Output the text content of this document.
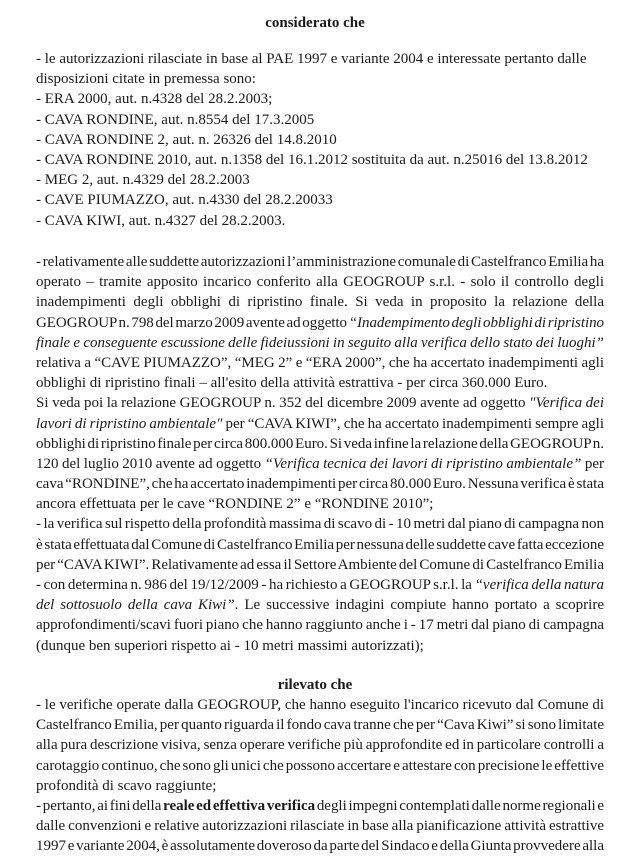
considerato che
- le autorizzazioni rilasciate in base al PAE 1997 e variante 2004 e interessate pertanto dalle
disposizioni citate in premessa sono:
- ERA 2000, aut. n.4328 del 28.2.2003;
- CAVA RONDINE, aut. n.8554 del 17.3.2005
- CAVA RONDINE 2, aut. n. 26326 del 14.8.2010
- CAVA RONDINE 2010, aut. n.1358 del 16.1.2012 sostituita da aut. n.25016 del 13.8.2012
- MEG 2, aut. n.4329 del 28.2.2003
- CAVE PIUMAZZO, aut. n.4330 del 28.2.20033
- CAVA KIWI, aut. n.4327 del 28.2.2003.
- relativamente alle suddette autorizzazioni l’amministrazione comunale di Castelfranco Emilia ha
operato – tramite apposito incarico conferito alla GEOGROUP s.r.l. - solo il controllo degli
inadempimenti degli obblighi di ripristino finale. Si veda in proposito la relazione della
GEOGROUP n. 798 del marzo 2009 avente ad oggetto “Inadempimento degli obblighi di ripristino
finale e conseguente escussione delle fideiussioni in seguito alla verifica dello stato dei luoghi”
relativa a “CAVE PIUMAZZO”, “MEG 2” e “ERA 2000”, che ha accertato inadempimenti agli
obblighi di ripristino finali – all'esito della attività estrattiva - per circa 360.000 Euro.
Si veda poi la relazione GEOGROUP n. 352 del dicembre 2009 avente ad oggetto "Verifica dei
lavori di ripristino ambientale" per “CAVA KIWI”, che ha accertato inadempimenti sempre agli
obblighi di ripristino finale per circa 800.000 Euro. Si veda infine la relazione della GEOGROUP n.
120 del luglio 2010 avente ad oggetto “Verifica tecnica dei lavori di ripristino ambientale” per
cava “RONDINE”, che ha accertato inadempimenti per circa 80.000 Euro. Nessuna verifica è stata
ancora effettuata per le cave “RONDINE 2” e “RONDINE 2010”;
- la verifica sul rispetto della profondità massima di scavo di - 10 metri dal piano di campagna non
è stata effettuata dal Comune di Castelfranco Emilia per nessuna delle suddette cave fatta eccezione
per “CAVA KIWI”. Relativamente ad essa il Settore Ambiente del Comune di Castelfranco Emilia
- con determina n. 986 del 19/12/2009 - ha richiesto a GEOGROUP s.r.l. la “verifica della natura
del sottosuolo della cava Kiwi”. Le successive indagini compiute hanno portato a scoprire
approfondimenti/scavi fuori piano che hanno raggiunto anche i - 17 metri dal piano di campagna
(dunque ben superiori rispetto ai - 10 metri massimi autorizzati);
rilevato che
- le verifiche operate dalla GEOGROUP, che hanno eseguito l'incarico ricevuto dal Comune di
Castelfranco Emilia, per quanto riguarda il fondo cava tranne che per “Cava Kiwi” si sono limitate
alla pura descrizione visiva, senza operare verifiche più approfondite ed in particolare controlli a
carotaggio continuo, che sono gli unici che possono accertare e attestare con precisione le effettive
profondità di scavo raggiunte;
- pertanto, ai fini della reale ed effettiva verifica degli impegni contemplati dalle norme regionali e
dalle convenzioni e relative autorizzazioni rilasciate in base alla pianificazione attività estrattive
1997 e variante 2004, è assolutamente doveroso da parte del Sindaco e della Giunta provvedere alla
